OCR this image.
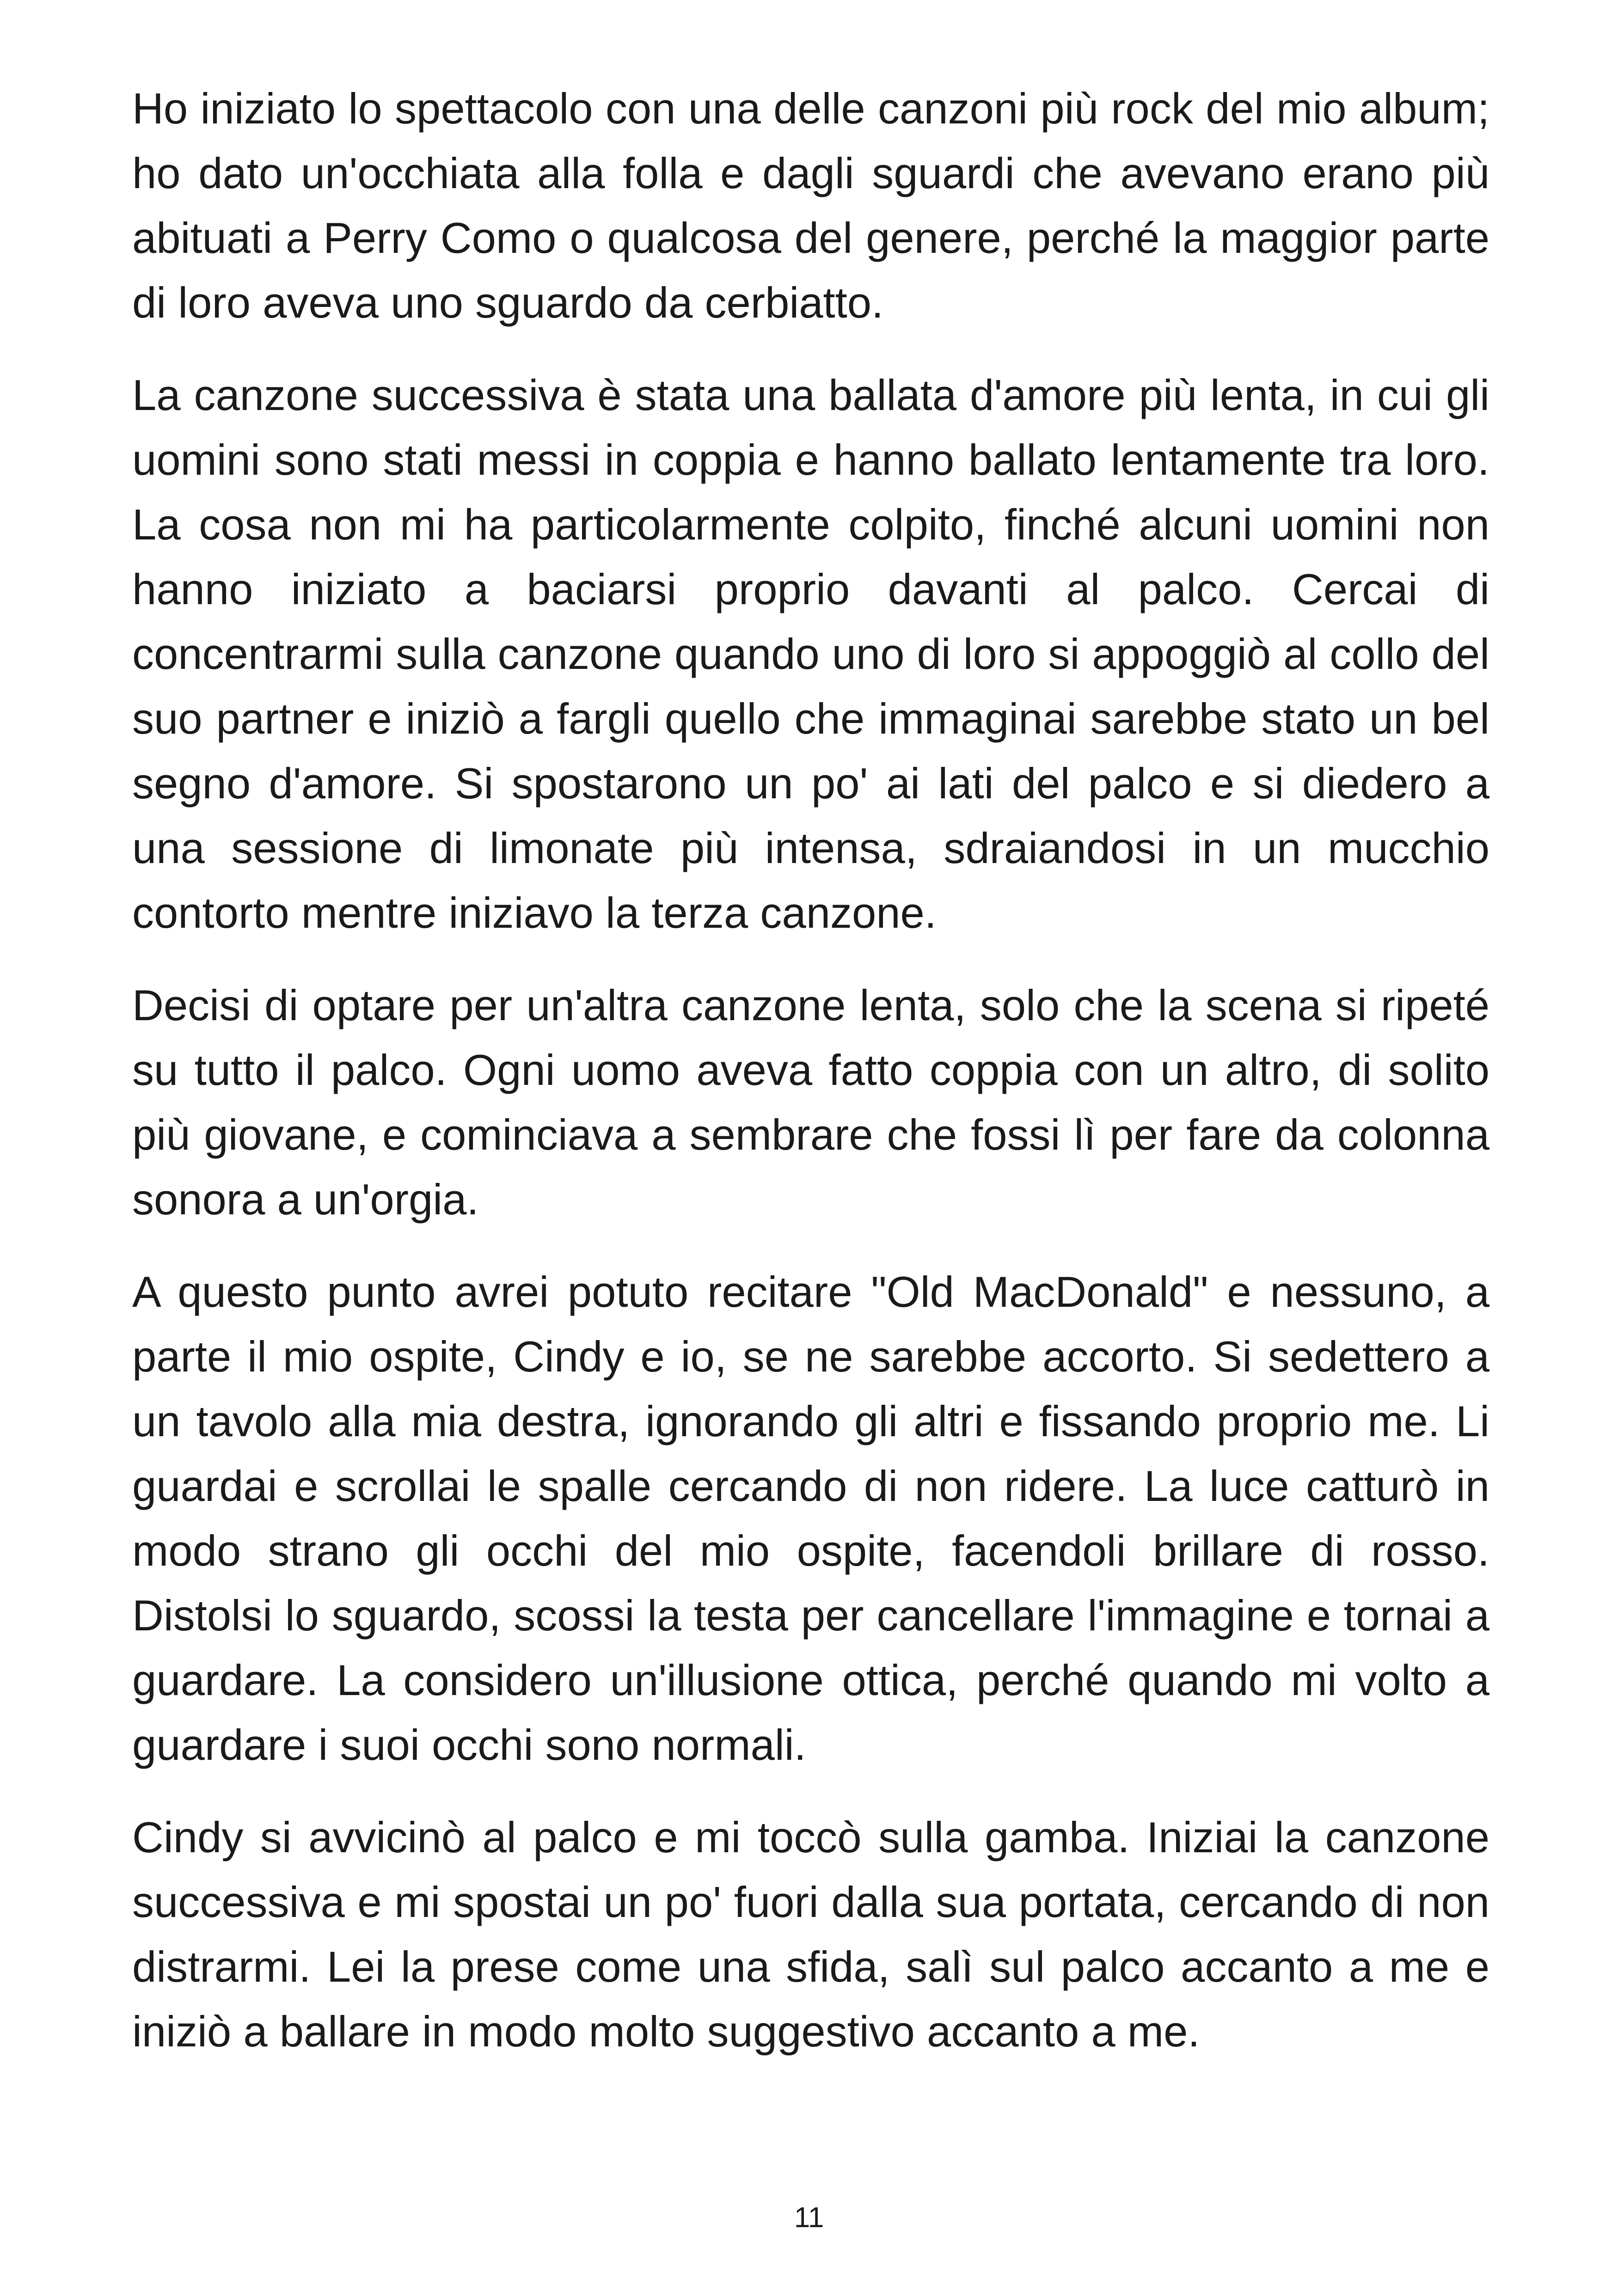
Ho iniziato lo spettacolo con una delle canzoni più rock del mio album; ho dato un'occhiata alla folla e dagli sguardi che avevano erano più abituati a Perry Como o qualcosa del genere, perché la maggior parte di loro aveva uno sguardo da cerbiatto.

La canzone successiva è stata una ballata d'amore più lenta, in cui gli uomini sono stati messi in coppia e hanno ballato lentamente tra loro. La cosa non mi ha particolarmente colpito, finché alcuni uomini non hanno iniziato a baciarsi proprio davanti al palco. Cercai di concentrarmi sulla canzone quando uno di loro si appoggiò al collo del suo partner e iniziò a fargli quello che immaginai sarebbe stato un bel segno d'amore. Si spostarono un po' ai lati del palco e si diedero a una sessione di limonate più intensa, sdraiandosi in un mucchio contorto mentre iniziavo la terza canzone.

Decisi di optare per un'altra canzone lenta, solo che la scena si ripeté su tutto il palco. Ogni uomo aveva fatto coppia con un altro, di solito più giovane, e cominciava a sembrare che fossi lì per fare da colonna sonora a un'orgia.

A questo punto avrei potuto recitare "Old MacDonald" e nessuno, a parte il mio ospite, Cindy e io, se ne sarebbe accorto. Si sedettero a un tavolo alla mia destra, ignorando gli altri e fissando proprio me. Li guardai e scrollai le spalle cercando di non ridere. La luce catturò in modo strano gli occhi del mio ospite, facendoli brillare di rosso. Distolsi lo sguardo, scossi la testa per cancellare l'immagine e tornai a guardare. La considero un'illusione ottica, perché quando mi volto a guardare i suoi occhi sono normali.

Cindy si avvicinò al palco e mi toccò sulla gamba. Iniziai la canzone successiva e mi spostai un po' fuori dalla sua portata, cercando di non distrarmi. Lei la prese come una sfida, salì sul palco accanto a me e iniziò a ballare in modo molto suggestivo accanto a me.

11
